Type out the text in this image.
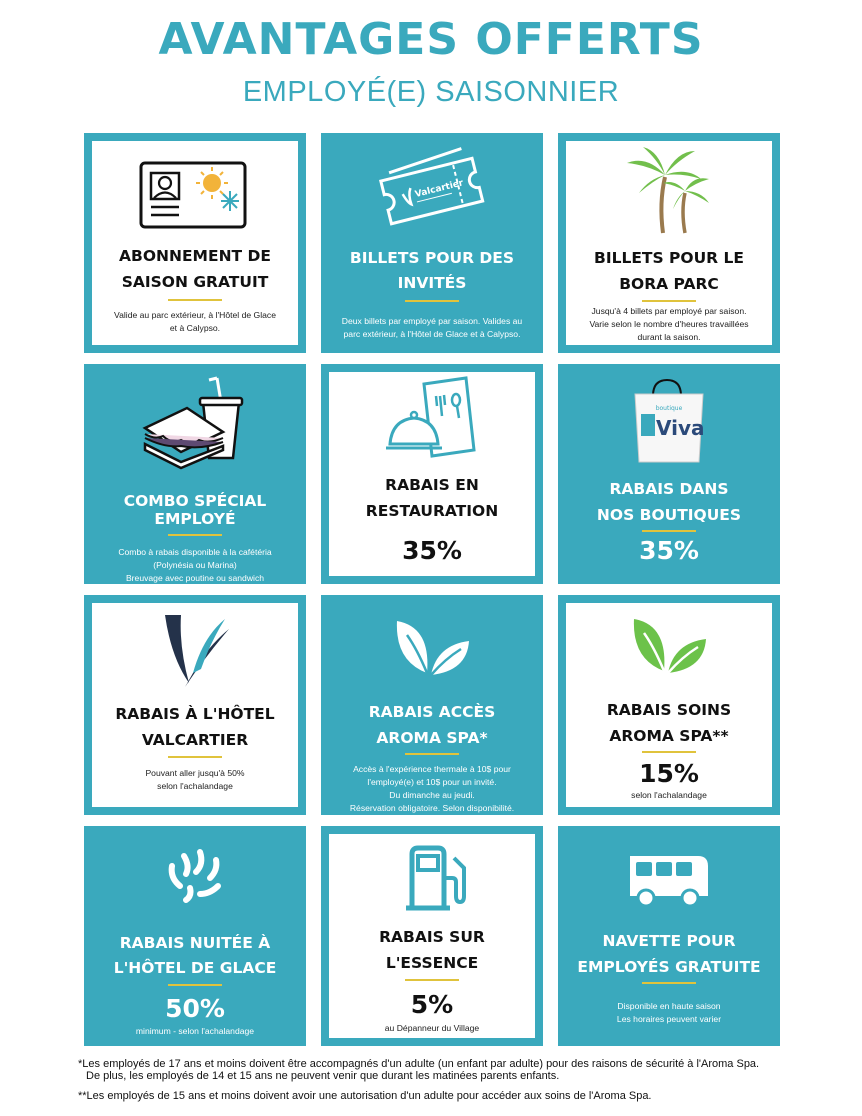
AVANTAGES OFFERTS
EMPLOYÉ(E) SAISONNIER
ABONNEMENT DE
SAISON GRATUIT
Valide au parc extérieur, à l'Hôtel de Glace
et à Calypso.
Valcartier
BILLETS POUR DES
INVITÉS
Deux billets par employé par saison. Valides au
parc extérieur, à l'Hôtel de Glace et à Calypso.
BILLETS POUR LE
BORA PARC
Jusqu'à 4 billets par employé par saison.
Varie selon le nombre d'heures travaillées
durant la saison.
COMBO SPÉCIAL
EMPLOYÉ
Combo à rabais disponible à la cafétéria
(Polynésia ou Marina)
Breuvage avec poutine ou sandwich
RABAIS EN
RESTAURATION
35%
boutique
Viva
RABAIS DANS
NOS BOUTIQUES
35%
RABAIS À L'HÔTEL
VALCARTIER
Pouvant aller jusqu'à 50%
selon l'achalandage
RABAIS ACCÈS
AROMA SPA*
Accès à l'expérience thermale à 10$ pour
l'employé(e) et 10$ pour un invité.
Du dimanche au jeudi.
Réservation obligatoire. Selon disponibilité.
RABAIS SOINS
AROMA SPA**
15%
selon l'achalandage
RABAIS NUITÉE À
L'HÔTEL DE GLACE
50%
minimum - selon l'achalandage
RABAIS SUR
L'ESSENCE
5%
au Dépanneur du Village
NAVETTE POUR
EMPLOYÉS GRATUITE
Disponible en haute saison
Les horaires peuvent varier
*Les employés de 17 ans et moins doivent être accompagnés d'un adulte (un enfant par adulte) pour des raisons de sécurité à l'Aroma Spa.
De plus, les employés de 14 et 15 ans ne peuvent venir que durant les matinées parents enfants.
**Les employés de 15 ans et moins doivent avoir une autorisation d'un adulte pour accéder aux soins de l'Aroma Spa.
